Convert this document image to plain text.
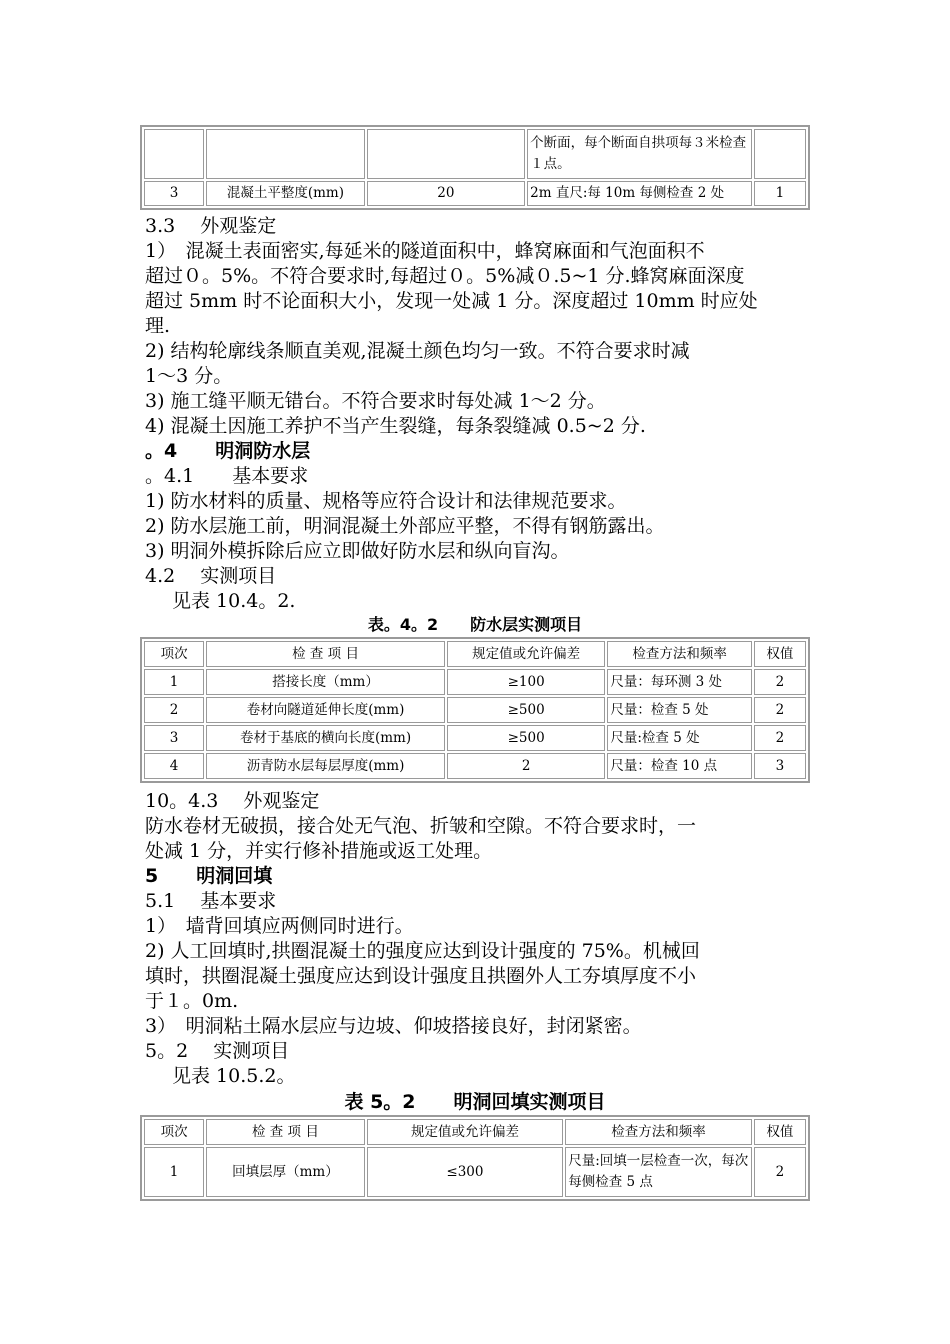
			个断面，每个断面自拱项每３米检查１点。	
3	混凝土平整度(mm)	20	2m 直尺:每 10m 每侧检查 2 处	1
3.3　 外观鉴定
1）　混凝土表面密实,每延米的隧道面积中，蜂窝麻面和气泡面积不
超过０。5%。不符合要求时,每超过０。5%减０.5~1 分.蜂窝麻面深度
超过 5mm 时不论面积大小，发现一处减 1 分。深度超过 10mm 时应处
理.
2) 结构轮廓线条顺直美观,混凝土颜色均匀一致。不符合要求时减
1～3 分。
3) 施工缝平顺无错台。不符合要求时每处减 1～2 分。
4) 混凝土因施工养护不当产生裂缝，每条裂缝减 0.5~2 分.
。4　　明洞防水层
。4.1　　基本要求
1) 防水材料的质量、规格等应符合设计和法律规范要求。
2) 防水层施工前，明洞混凝土外部应平整，不得有钢筋露出。
3) 明洞外模拆除后应立即做好防水层和纵向盲沟。
4.2　 实测项目
见表 10.4。2.
表。4。2　　防水层实测项目
项次	检 查 项 目	规定值或允许偏差	检查方法和频率	权值
1	搭接长度（mm）	≥100	尺量：每环测 3 处	2
2	卷材向隧道延伸长度(mm)	≥500	尺量：检查 5 处	2
3	卷材于基底的横向长度(mm)	≥500	尺量:检查 5 处	2
4	沥青防水层每层厚度(mm)	2	尺量：检查 10 点	3
10。4.3　 外观鉴定
防水卷材无破损，接合处无气泡、折皱和空隙。不符合要求时，一
处减 1 分，并实行修补措施或返工处理。
5　　明洞回填
5.1　 基本要求
1）　墙背回填应两侧同时进行。
2) 人工回填时,拱圈混凝土的强度应达到设计强度的 75%。机械回
填时，拱圈混凝土强度应达到设计强度且拱圈外人工夯填厚度不小
于１。0m.
3）　明洞粘土隔水层应与边坡、仰坡搭接良好，封闭紧密。
5。2　 实测项目
见表 10.5.2。
表 5。2　　明洞回填实测项目
项次	检 查 项 目	规定值或允许偏差	检查方法和频率	权值
1	回填层厚（mm）	≤300	尺量:回填一层检查一次，每次每侧检查 5 点	2
